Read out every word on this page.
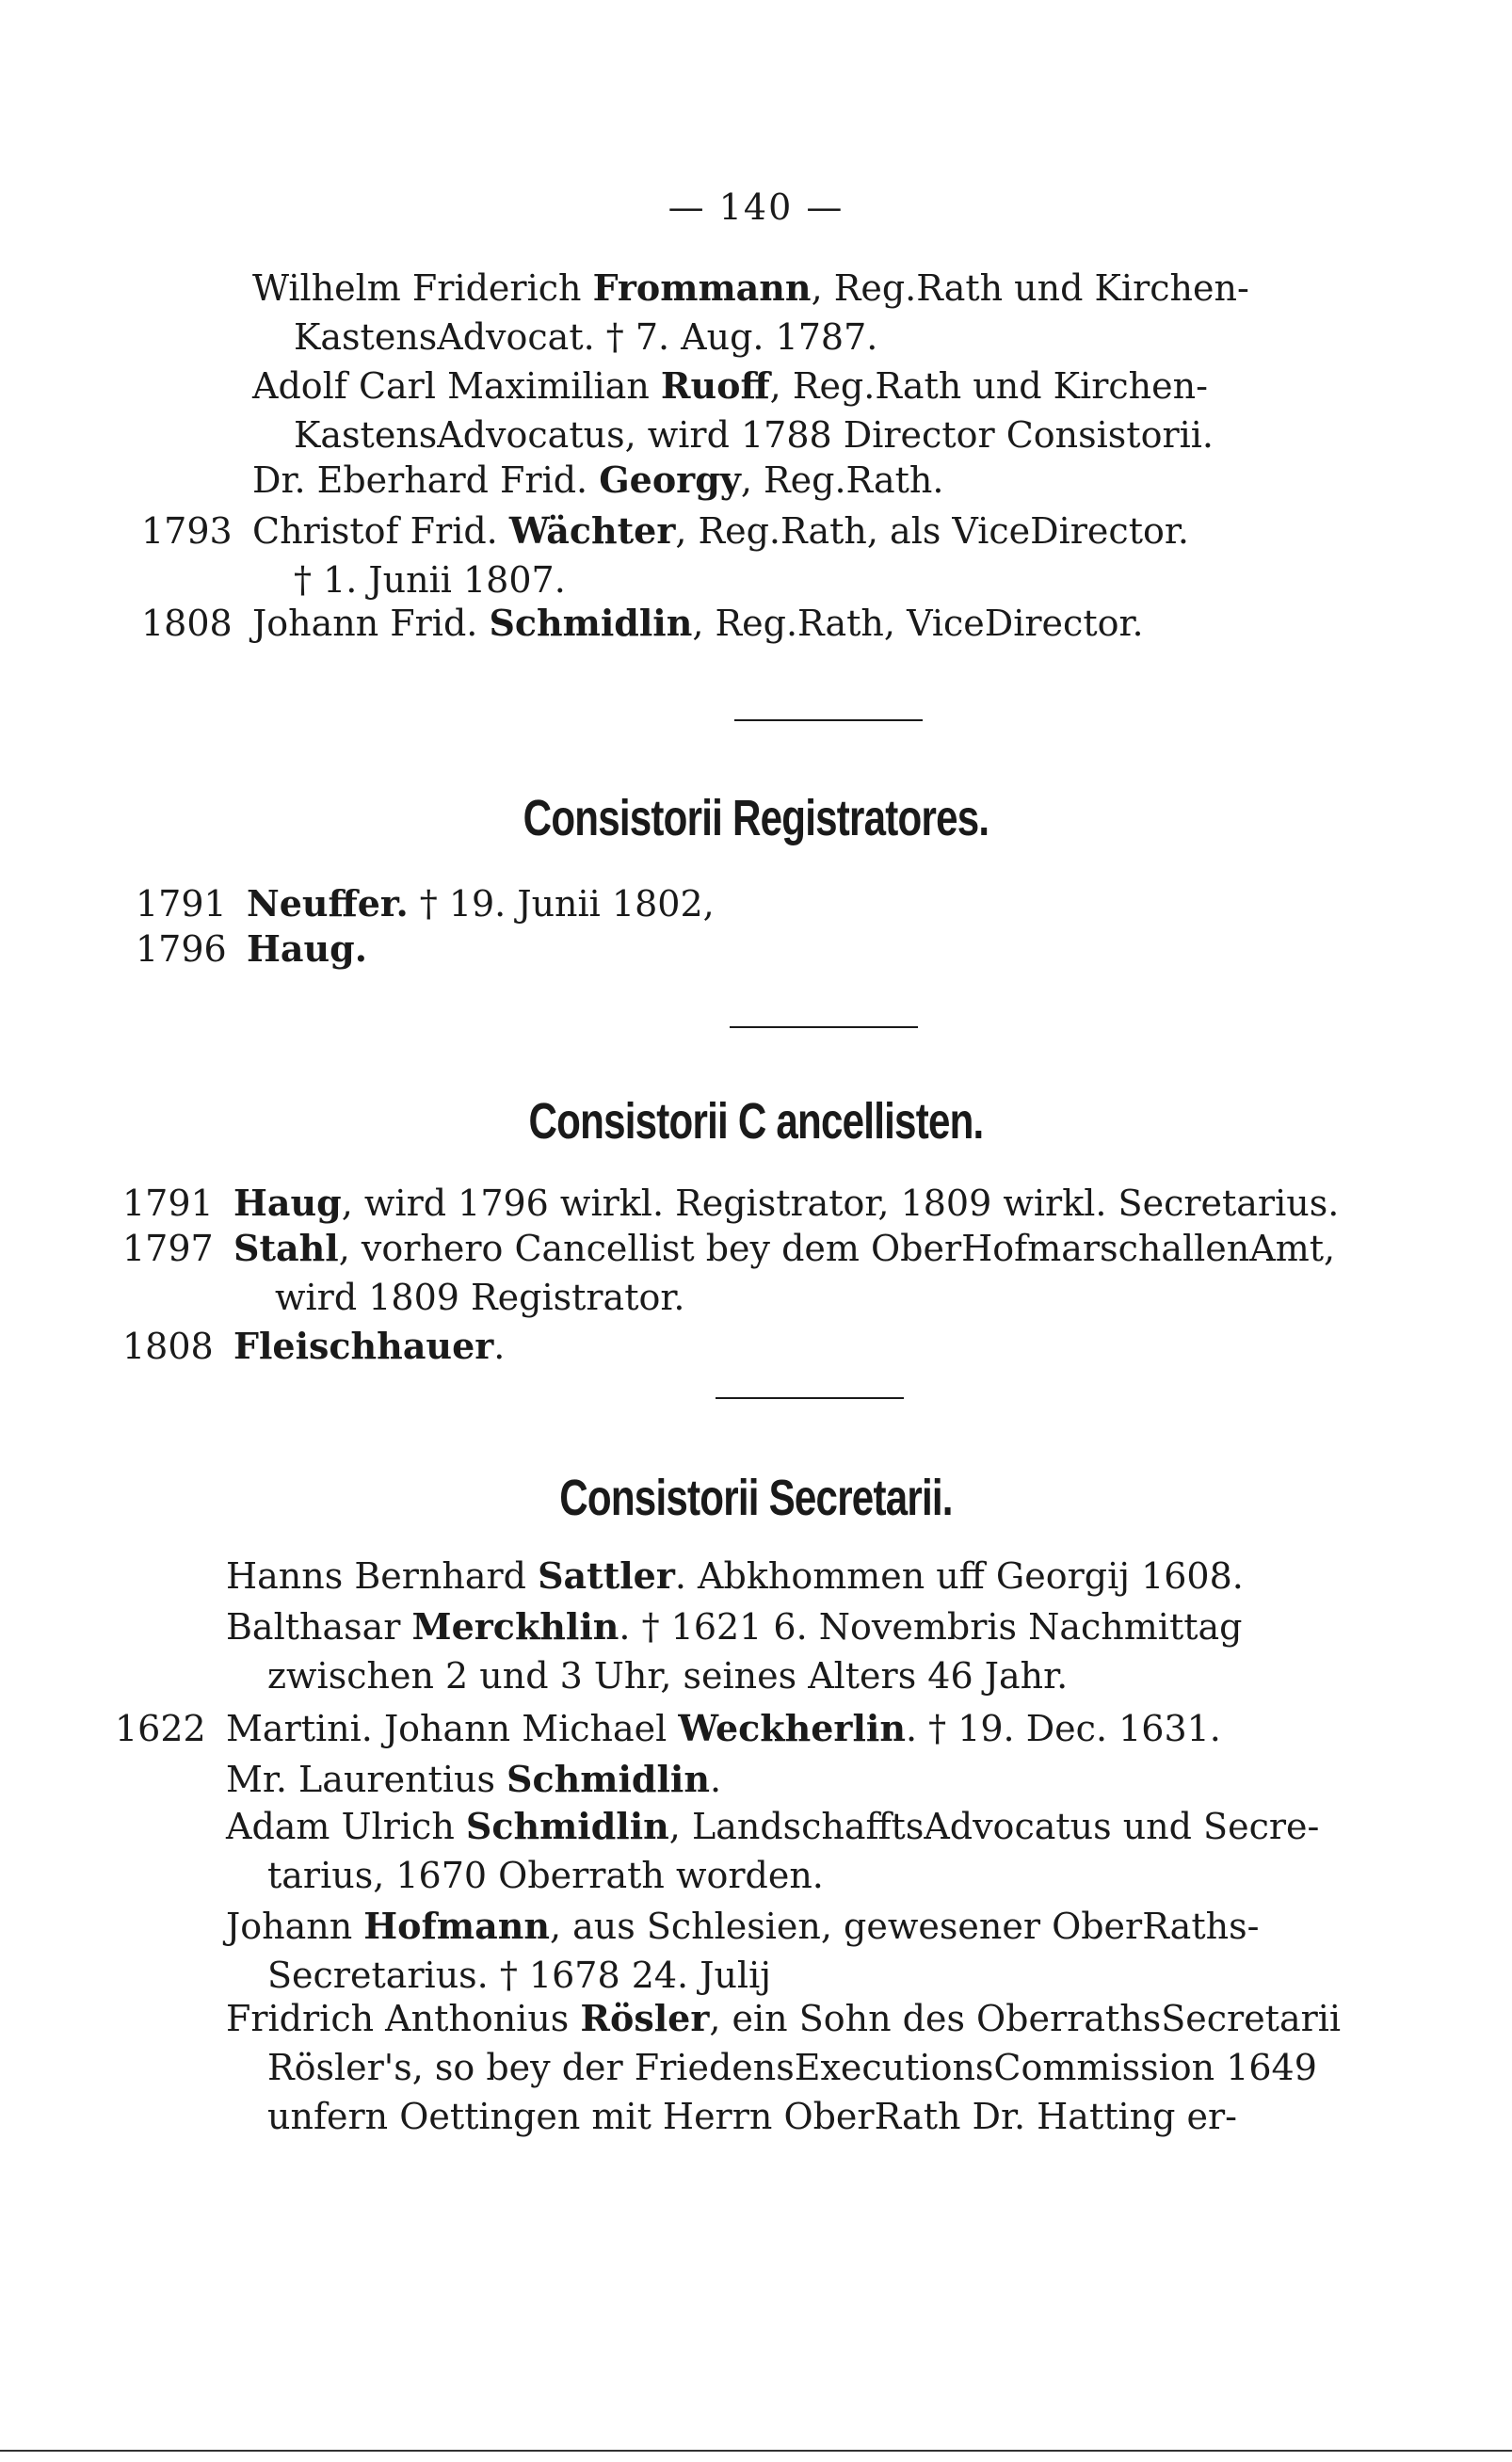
— 140 —
Wilhelm Friderich Frommann, Reg.Rath und Kirchen-
KastensAdvocat. † 7. Aug. 1787.
Adolf Carl Maximilian Ruoff, Reg.Rath und Kirchen-
KastensAdvocatus, wird 1788 Director Consistorii.
Dr. Eberhard Frid. Georgy, Reg.Rath.
1793 Christof Frid. Wächter, Reg.Rath, als ViceDirector.
† 1. Junii 1807.
1808 Johann Frid. Schmidlin, Reg.Rath, ViceDirector.
Consistorii Registratores.
1791 Neuffer. † 19. Junii 1802,
1796 Haug.
Consistorii C ancellisten.
1791 Haug, wird 1796 wirkl. Registrator, 1809 wirkl. Secretarius.
1797 Stahl, vorhero Cancellist bey dem OberHofmarschallenAmt,
wird 1809 Registrator.
1808 Fleischhauer.
Consistorii Secretarii.
Hanns Bernhard Sattler. Abkhommen uff Georgij 1608.
Balthasar Merckhlin. † 1621 6. Novembris Nachmittag
zwischen 2 und 3 Uhr, seines Alters 46 Jahr.
1622 Martini. Johann Michael Weckherlin. † 19. Dec. 1631.
Mr. Laurentius Schmidlin.
Adam Ulrich Schmidlin, LandschafftsAdvocatus und Secre-
tarius, 1670 Oberrath worden.
Johann Hofmann, aus Schlesien, gewesener OberRaths-
Secretarius. † 1678 24. Julij
Fridrich Anthonius Rösler, ein Sohn des OberrathsSecretarii
Rösler's, so bey der FriedensExecutionsCommission 1649
unfern Oettingen mit Herrn OberRath Dr. Hatting er-
